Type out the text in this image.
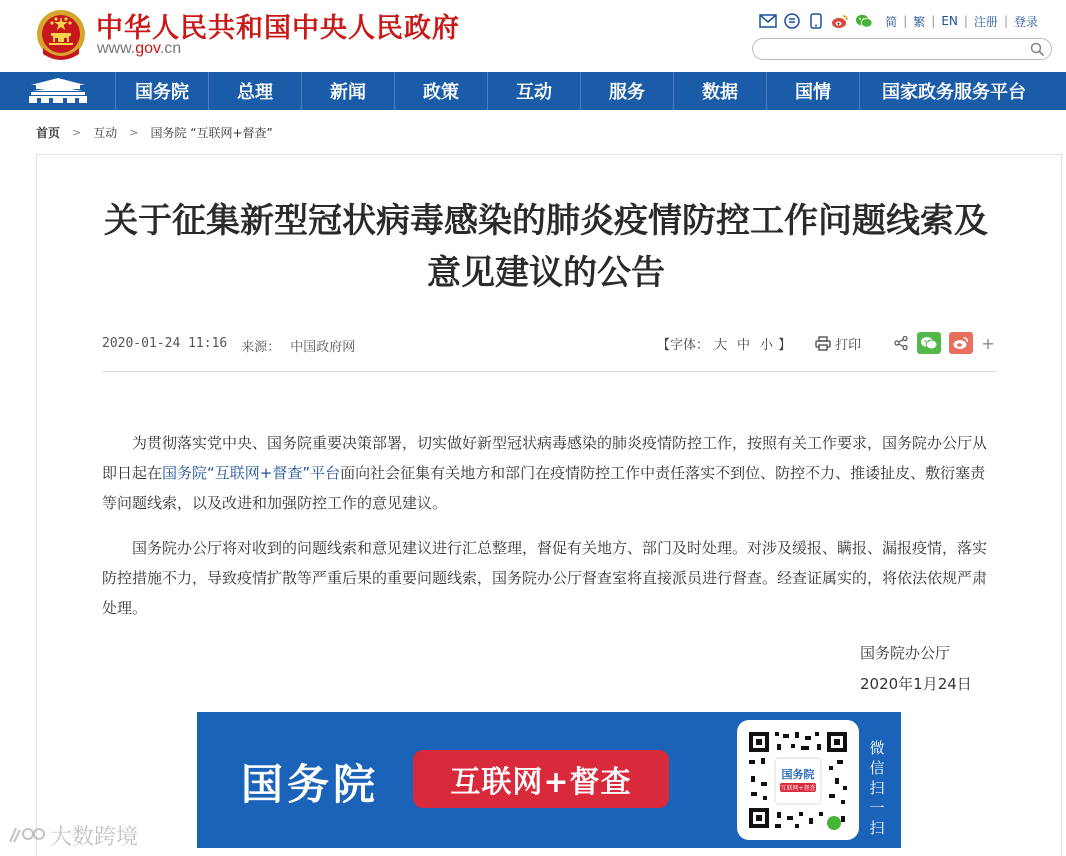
中华人民共和国中央人民政府
www.gov.cn
简 | 繁 | EN | 注册 | 登录
国务院	总理	新闻	政策	互动	服务	数据	国情	国家政务服务平台
首页 > 互动 > 国务院 “互联网+督查”
关于征集新型冠状病毒感染的肺炎疫情防控工作问题线索及意见建议的公告
2020-01-24 11:16 来源： 中国政府网	【字体： 大 中 小 】	打印	+

为贯彻落实党中央、国务院重要决策部署，切实做好新型冠状病毒感染的肺炎疫情防控工作，按照有关工作要求，国务院办公厅从即日起在国务院“互联网+督查”平台面向社会征集有关地方和部门在疫情防控工作中责任落实不到位、防控不力、推诿扯皮、敷衍塞责等问题线索，以及改进和加强防控工作的意见建议。

国务院办公厅将对收到的问题线索和意见建议进行汇总整理，督促有关地方、部门及时处理。对涉及缓报、瞒报、漏报疫情，落实防控措施不力，导致疫情扩散等严重后果的重要问题线索，国务院办公厅督查室将直接派员进行督查。经查证属实的，将依法依规严肃处理。

国务院办公厅
2020年1月24日
国务院	互联网+督查	国务院
互联网+督查
微信扫一扫
大数跨境
